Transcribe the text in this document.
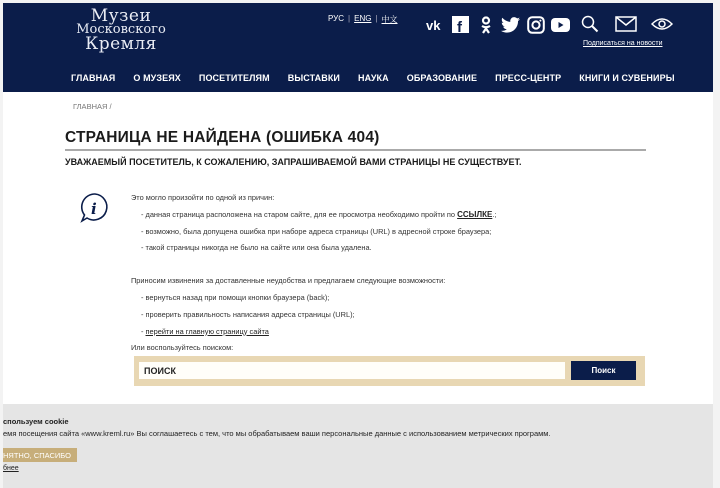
Музеи
Московского
Кремля
РУС | ENG | 中文 vk f
Подписаться на новости
ГЛАВНАЯ О МУЗЕЯХ ПОСЕТИТЕЛЯМ ВЫСТАВКИ НАУКА ОБРАЗОВАНИЕ ПРЕСС-ЦЕНТР КНИГИ И СУВЕНИРЫ
ГЛАВНАЯ /
СТРАНИЦА НЕ НАЙДЕНА (ОШИБКА 404)
УВАЖАЕМЫЙ ПОСЕТИТЕЛЬ, К СОЖАЛЕНИЮ, ЗАПРАШИВАЕМОЙ ВАМИ СТРАНИЦЫ НЕ СУЩЕСТВУЕТ.
i
Это могло произойти по одной из причин:
- данная страница расположена на старом сайте, для ее просмотра необходимо пройти по ССЫЛКЕ.;
- возможно, была допущена ошибка при наборе адреса страницы (URL) в адресной строке браузера;
- такой страницы никогда не было на сайте или она была удалена.
Приносим извинения за доставленные неудобства и предлагаем следующие возможности:
- вернуться назад при помощи кнопки браузера (back);
- проверить правильность написания адреса страницы (URL);
- перейти на главную страницу сайта
Или воспользуйтесь поиском:
ПОИСК
Поиск
спользуем cookie
емя посещения сайта «www.kreml.ru» Вы соглашаетесь с тем, что мы обрабатываем ваши персональные данные с использованием метрических программ.
НЯТНО, СПАСИБО
бнее
